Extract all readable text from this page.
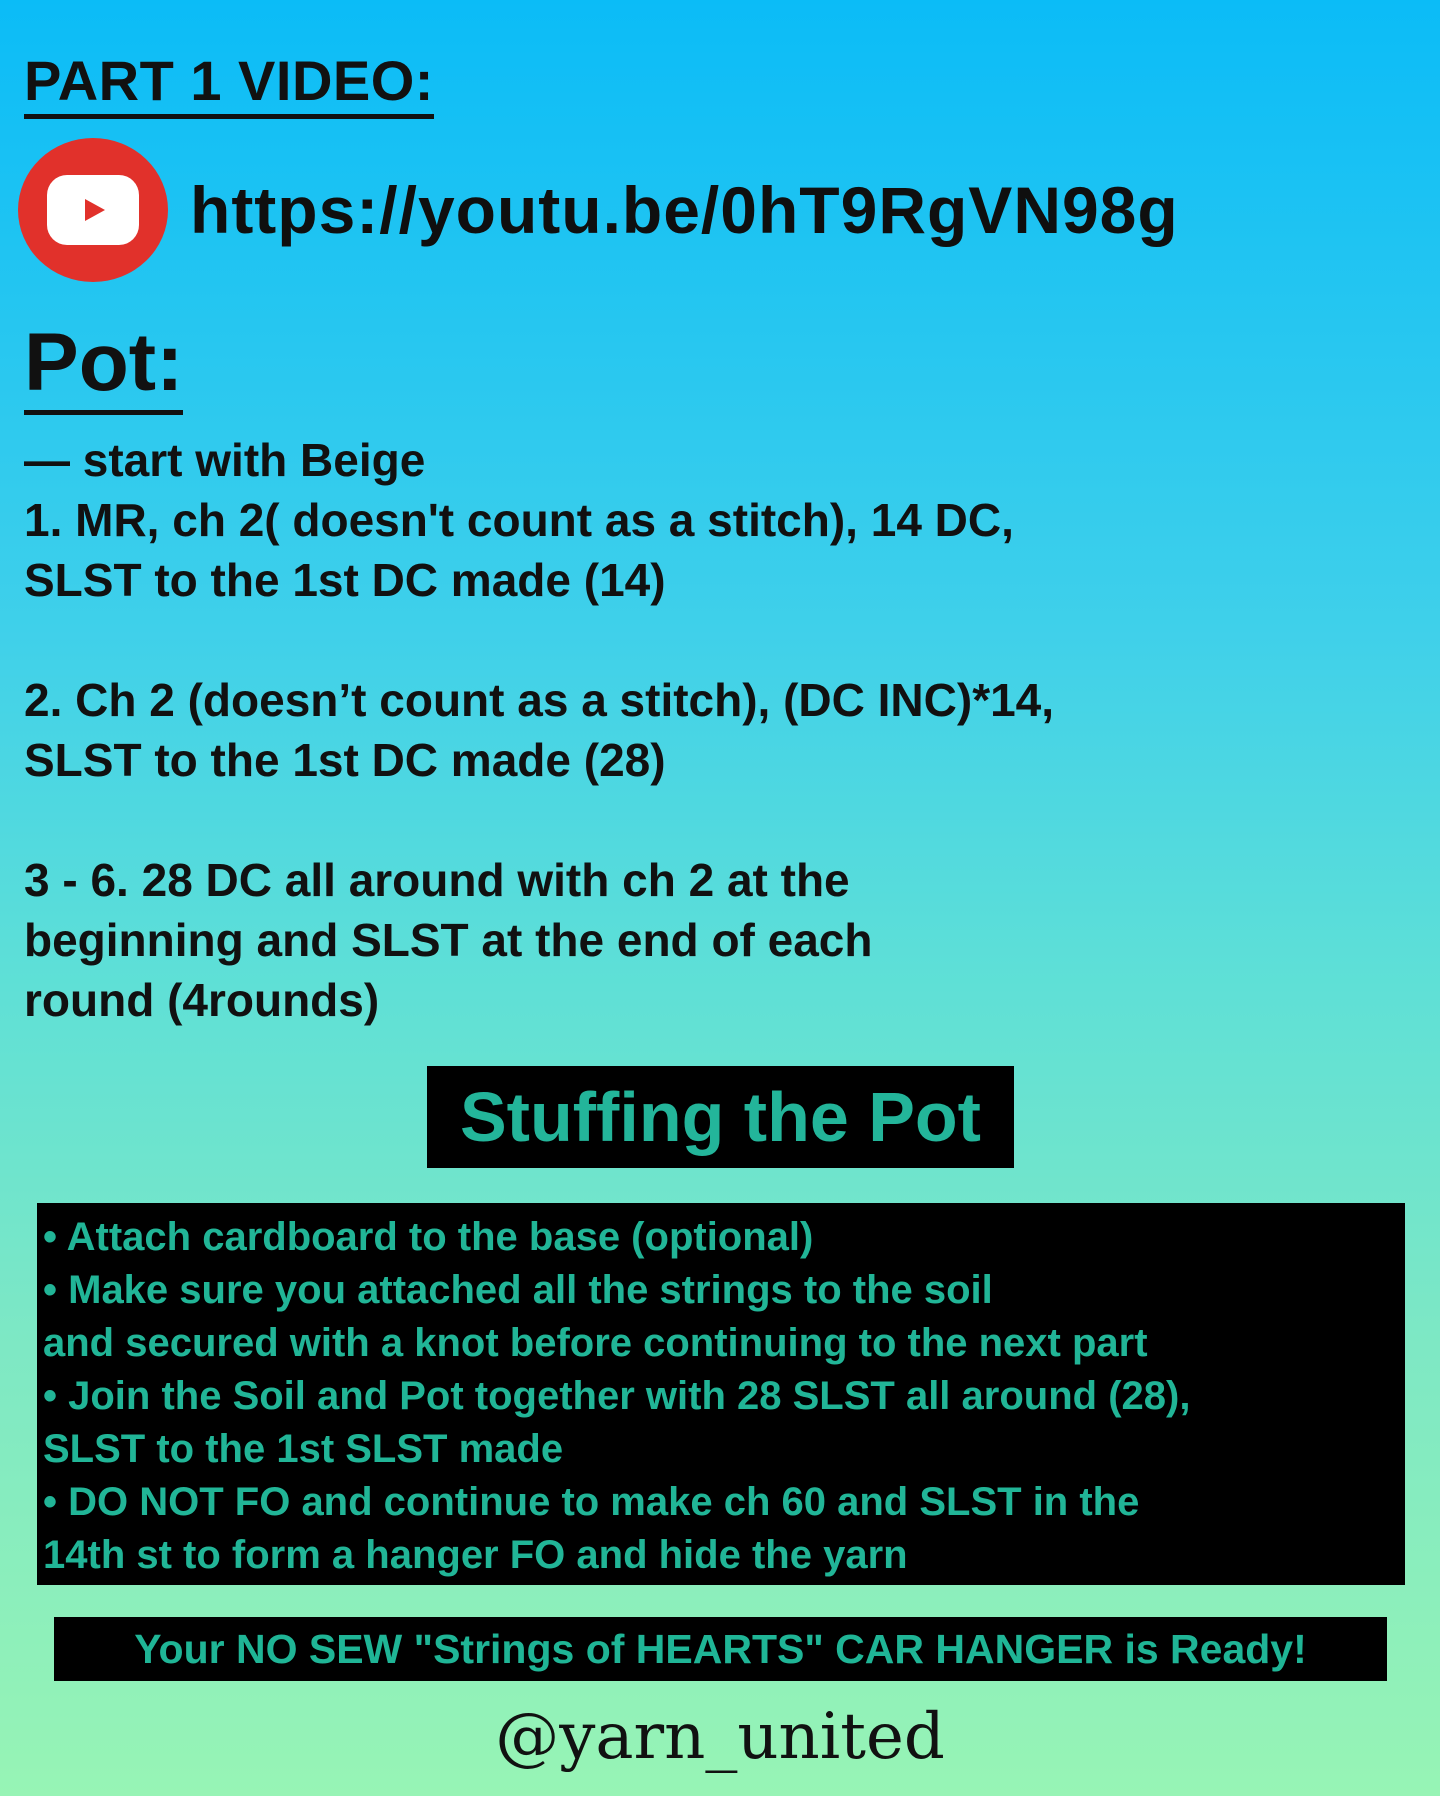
PART 1 VIDEO:
https://youtu.be/0hT9RgVN98g
Pot:
— start with Beige
1. MR, ch 2( doesn't count as a stitch), 14 DC,
SLST to the 1st DC made (14)
2. Ch 2 (doesn’t count as a stitch), (DC INC)*14,
SLST to the 1st DC made (28)
3 - 6. 28 DC all around with ch 2 at the
beginning and SLST at the end of each
round (4rounds)
Stuffing the Pot
• Attach cardboard to the base (optional)
• Make sure you attached all the strings to the soil
and secured with a knot before continuing to the next part
• Join the Soil and Pot together with 28 SLST all around (28),
SLST to the 1st SLST made
• DO NOT FO and continue to make ch 60 and SLST in the
14th st to form a hanger FO and hide the yarn
Your NO SEW "Strings of HEARTS" CAR HANGER is Ready!
@yarn_united
